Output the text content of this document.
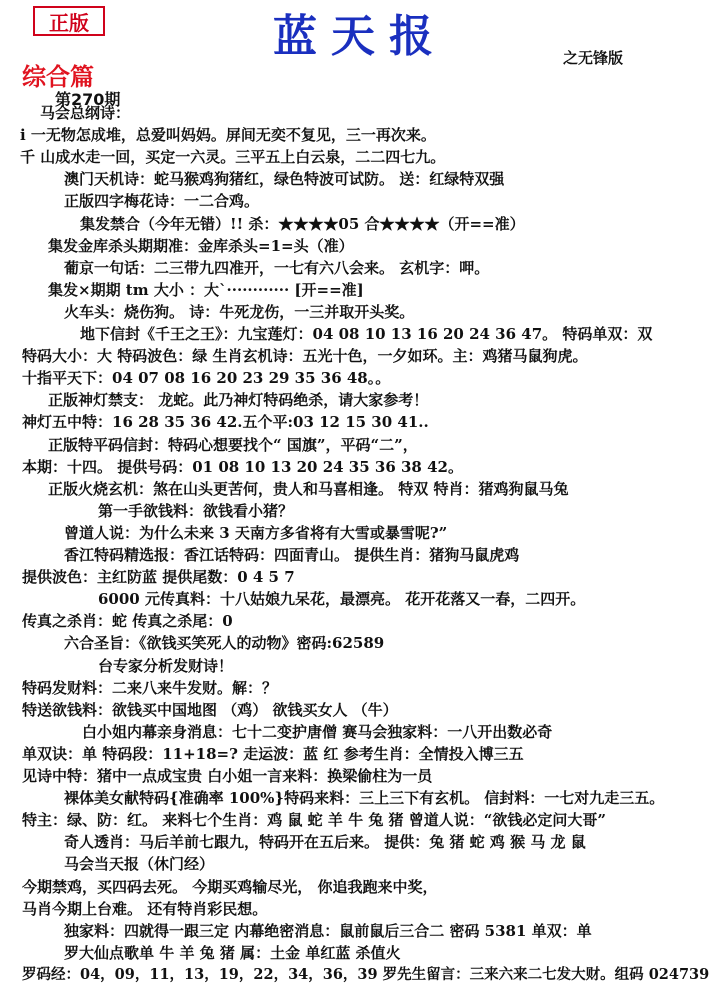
正版	蓝天报	之无锋版
综合篇
第270期
马会总纲诗：
i 一无物怎成堆，总爱叫妈妈。屏间无奕不复见，三一再次来。
千 山成水走一回，买定一六灵。三平五上白云泉，二二四七九。
澳门天机诗：蛇马猴鸡狗猪红，绿色特波可试防。 送：红绿特双强
正版四字梅花诗：一二合鸡。
集发禁合（今年无错）!! 杀：★★★★05 合★★★★（开==准）
集发金库杀头期期准：金库杀头=1=头（准）
葡京一句话：二三带九四准开，一七有六八会来。 玄机字：呷。
集发×期期 tm 大小 ：大`············ [开==准]
火车头：烧伤狗。 诗：牛死龙伤，一三并取开头奖。
地下信封《千王之王》：九宝莲灯：04 08 10 13 16 20 24 36 47。 特码单双：双
特码大小：大 特码波色：绿 生肖玄机诗：五光十色，一夕如环。主：鸡猪马鼠狗虎。
十指平天下：04 07 08 16 20 23 29 35 36 48。。
正版神灯禁支： 龙蛇。此乃神灯特码绝杀，请大家参考！
神灯五中特：16 28 35 36 42.五个平:03 12 15 30 41..
正版特平码信封：特码心想要找个“ 国旗”，平码“二”，
本期：十四。 提供号码：01 08 10 13 20 24 35 36 38 42。
正版火烧玄机：煞在山头更苦何，贵人和马喜相逢。 特双 特肖：猪鸡狗鼠马兔
第一手欲钱料：欲钱看小猪？
曾道人说：为什么未来 3 天南方多省将有大雪或暴雪呢?”
香江特码精选报：香江话特码：四面青山。 提供生肖：猪狗马鼠虎鸡
提供波色：主红防蓝 提供尾数：0 4 5 7
6000 元传真料：十八姑娘九呆花，最漂亮。 花开花落又一春，二四开。
传真之杀肖：蛇 传真之杀尾：0
六合圣旨：《欲钱买笑死人的动物》密码:62589
台专家分析发财诗！
特码发财料：二来八来牛发财。解：？
特送欲钱料：欲钱买中国地图 （鸡） 欲钱买女人 （牛）
白小姐内幕亲身消息：七十二变护唐僧 赛马会独家料：一八开出数必奇
单双诀：单 特码段：11+18=? 走运波：蓝 红 参考生肖：全情投入博三五
见诗中特：猪中一点成宝贵 白小姐一言来料：换梁偷柱为一员
裸体美女献特码{准确率 100%}特码来料：三上三下有玄机。 信封料：一七对九走三五。
特主：绿、防：红。 来料七个生肖：鸡 鼠 蛇 羊 牛 兔 猪 曾道人说：“欲钱必定问大哥”
奇人透肖：马后羊前七跟九，特码开在五后来。 提供：兔 猪 蛇 鸡 猴 马 龙 鼠
马会当天报（休门经）
今期禁鸡，买四码去死。 今期买鸡输尽光， 你追我跑来中奖，
马肖今期上台难。 还有特肖彩民想。
独家料：四就得一跟三定 内幕绝密消息：鼠前鼠后三合二 密码 5381 单双：单
罗大仙点歌单 牛 羊 兔 猪 属：土金 单红蓝 杀值火
罗码经：04，09，11，13，19，22，34，36，39 罗先生留言：三来六来二七发大财。组码 024739
